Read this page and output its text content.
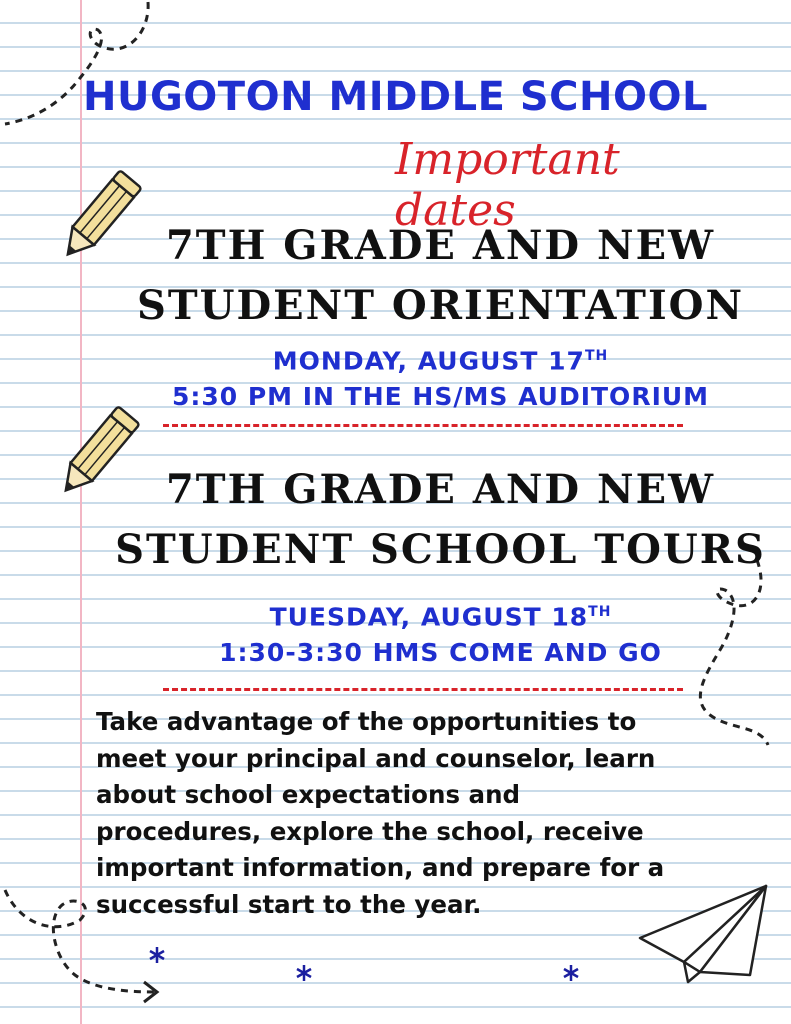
HUGOTON MIDDLE SCHOOL
Important dates
7TH GRADE AND NEW
STUDENT ORIENTATION
MONDAY, AUGUST 17TH
5:30 PM IN THE HS/MS AUDITORIUM
7TH GRADE AND NEW
STUDENT SCHOOL TOURS
TUESDAY, AUGUST 18TH
1:30-3:30 HMS COME AND GO
Take advantage of the opportunities to
meet your principal and counselor, learn
about school expectations and
procedures, explore the school, receive
important information, and prepare for a
successful start to the year.
